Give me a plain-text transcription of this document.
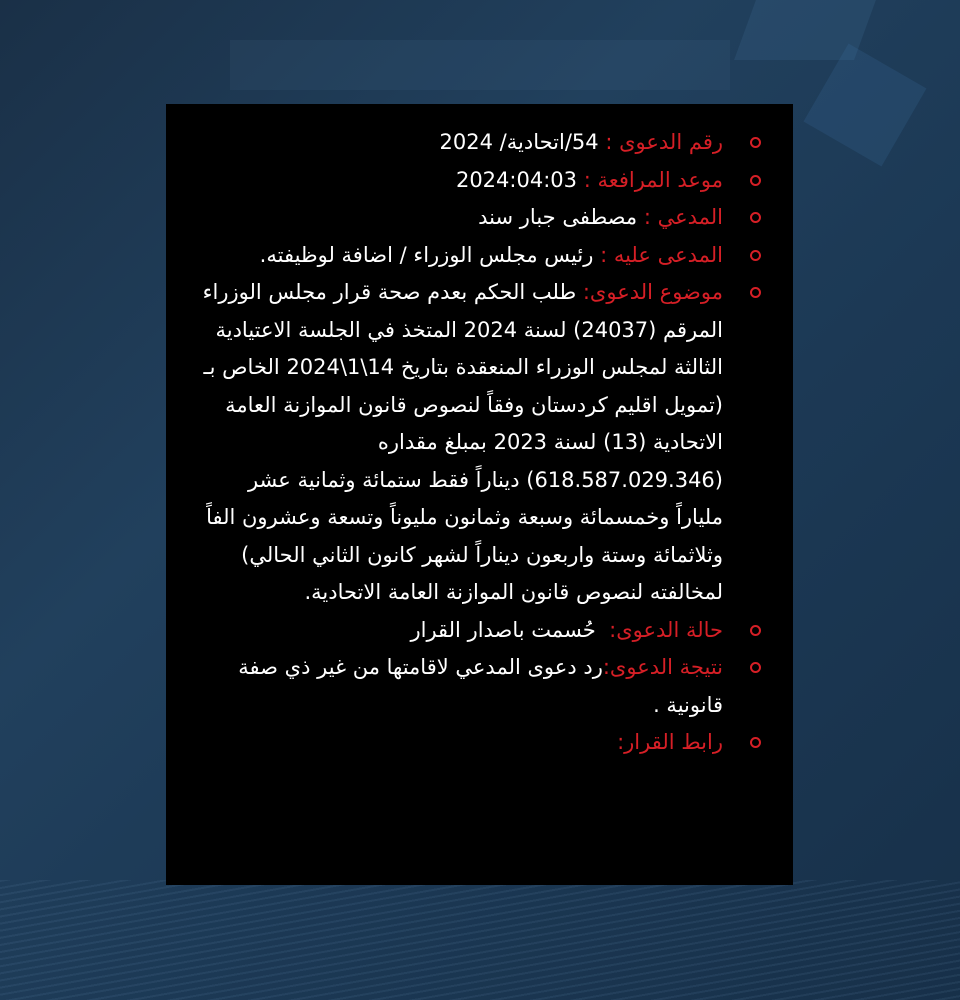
رقم الدعوى : 54/اتحادية/ 2024
موعد المرافعة : 2024:04:03
المدعي : مصطفى جبار سند
المدعى عليه : رئيس مجلس الوزراء / اضافة لوظيفته.
موضوع الدعوى: طلب الحكم بعدم صحة قرار مجلس الوزراء المرقم (24037) لسنة 2024 المتخذ في الجلسة الاعتيادية الثالثة لمجلس الوزراء المنعقدة بتاريخ 14\1\2024 الخاص بـ (تمويل اقليم كردستان وفقاً لنصوص قانون الموازنة العامة الاتحادية (13) لسنة 2023 بمبلغ مقداره (618.587.029.346) ديناراً فقط ستمائة وثمانية عشر ملياراً وخمسمائة وسبعة وثمانون مليوناً وتسعة وعشرون الفاً وثلاثمائة وستة واربعون ديناراً لشهر كانون الثاني الحالي) لمخالفته لنصوص قانون الموازنة العامة الاتحادية.
حالة الدعوى:  حُسمت باصدار القرار
نتيجة الدعوى:رد دعوى المدعي لاقامتها من غير ذي صفة قانونية .
رابط القرار:
